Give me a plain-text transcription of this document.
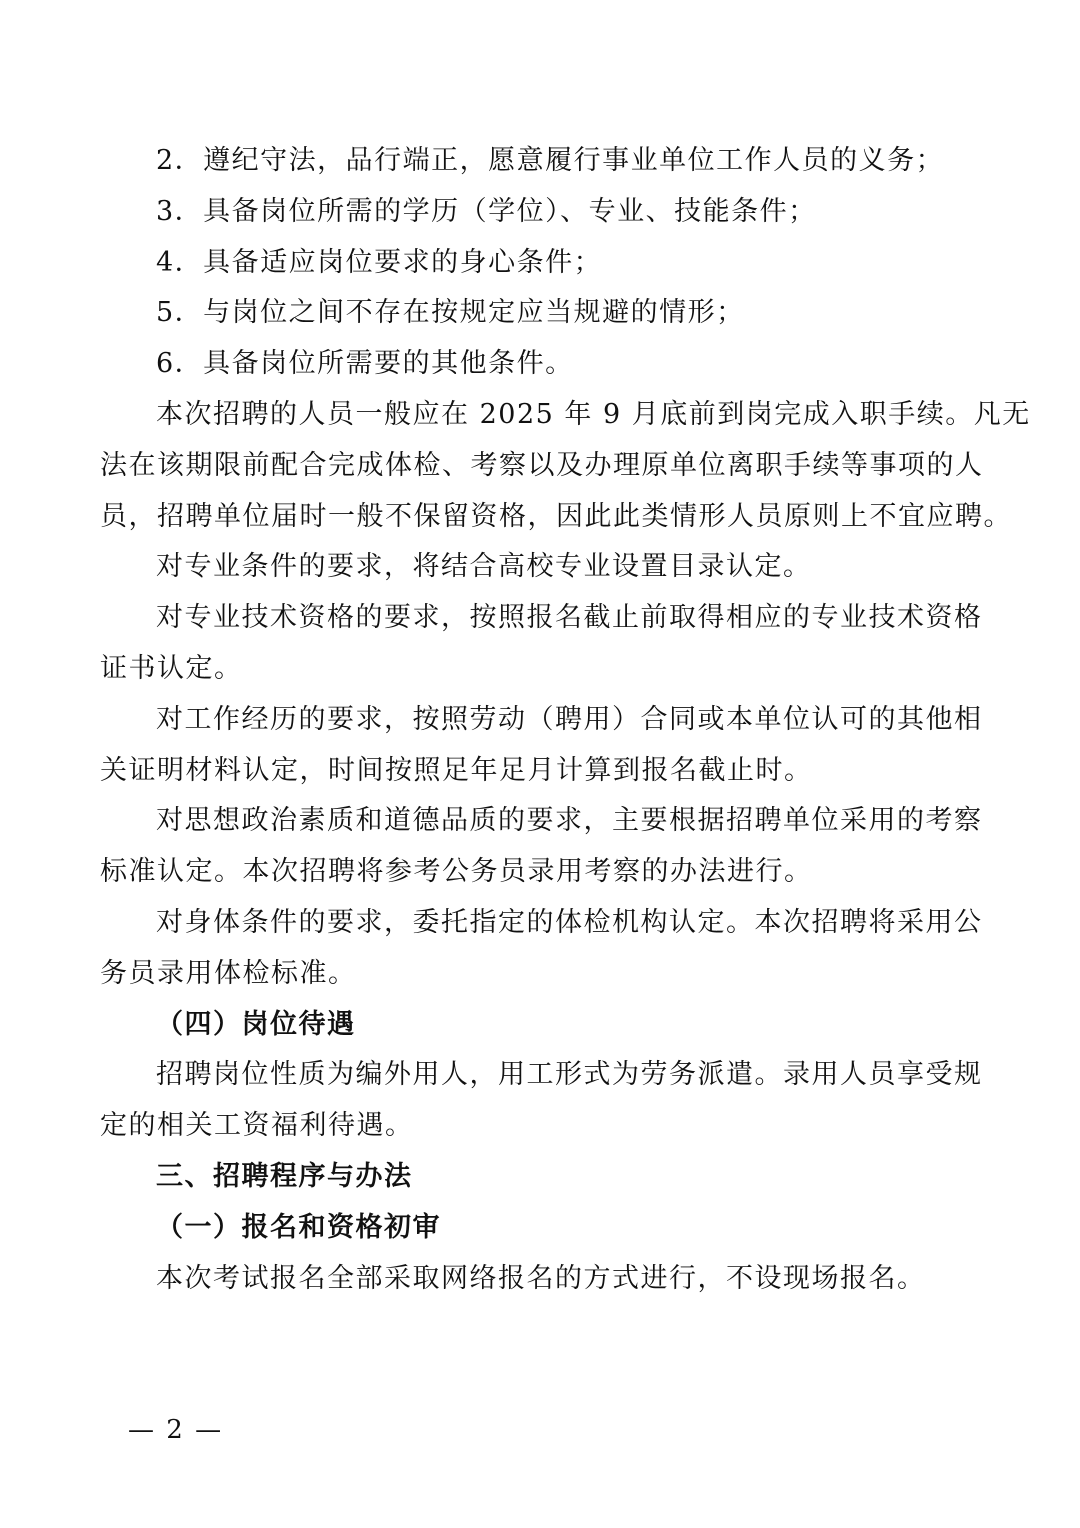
2．遵纪守法，品行端正，愿意履行事业单位工作人员的义务；
3．具备岗位所需的学历（学位）、专业、技能条件；
4．具备适应岗位要求的身心条件；
5．与岗位之间不存在按规定应当规避的情形；
6．具备岗位所需要的其他条件。
本次招聘的人员一般应在 2025 年 9 月底前到岗完成入职手续。凡无
法在该期限前配合完成体检、考察以及办理原单位离职手续等事项的人
员，招聘单位届时一般不保留资格，因此此类情形人员原则上不宜应聘。
对专业条件的要求，将结合高校专业设置目录认定。
对专业技术资格的要求，按照报名截止前取得相应的专业技术资格
证书认定。
对工作经历的要求，按照劳动（聘用）合同或本单位认可的其他相
关证明材料认定，时间按照足年足月计算到报名截止时。
对思想政治素质和道德品质的要求，主要根据招聘单位采用的考察
标准认定。本次招聘将参考公务员录用考察的办法进行。
对身体条件的要求，委托指定的体检机构认定。本次招聘将采用公
务员录用体检标准。
（四）岗位待遇
招聘岗位性质为编外用人，用工形式为劳务派遣。录用人员享受规
定的相关工资福利待遇。
三、招聘程序与办法
（一）报名和资格初审
本次考试报名全部采取网络报名的方式进行，不设现场报名。
— 2 —
